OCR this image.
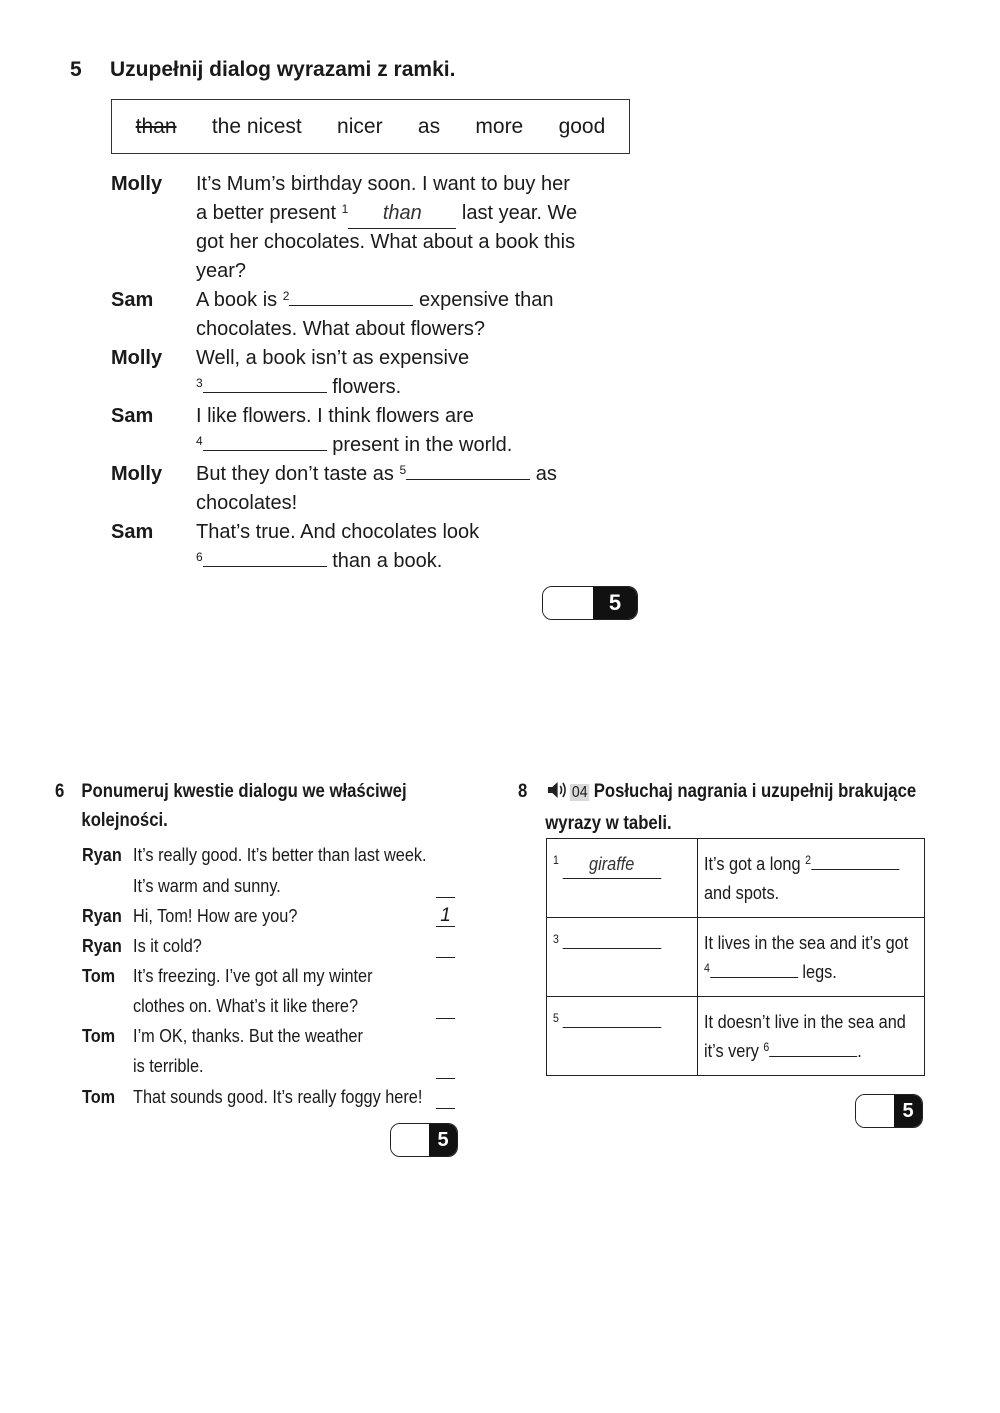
5 Uzupełnij dialog wyrazami z ramki.
than the nicest nicer as more good
Molly It’s Mum’s birthday soon. I want to buy her
a better present $^1$ than last year. We
got her chocolates. What about a book this
year?
Sam A book is $^2$	expensive than
chocolates. What about flowers?
Molly Well, a book isn’t as expensive
$^3$	flowers.
Sam I like flowers. I think flowers are
$^4$	present in the world.
Molly But they don’t taste as $^5$	as
chocolates!
Sam That’s true. And chocolates look
$^6$	than a book.
5
6 Ponumeruj kwestie dialogu we właściwej
kolejności.
Ryan It’s really good. It’s better than last week.
It’s warm and sunny.
Ryan Hi, Tom! How are you?	1
Ryan Is it cold?
Tom It’s freezing. I’ve got all my winter
clothes on. What’s it like there?
Tom I’m OK, thanks. But the weather
is terrible.
Tom That sounds good. It’s really foggy here!
5
8	04 Posłuchaj nagrania i uzupełnij brakujące
wyrazy w tabeli.
$^1$ giraffe	It’s got a long $^2$
and spots.

$^3$	It lives in the sea and it’s got
$^4$ legs.

$^5$	It doesn’t live in the sea and
it’s very $^6$ .
5
